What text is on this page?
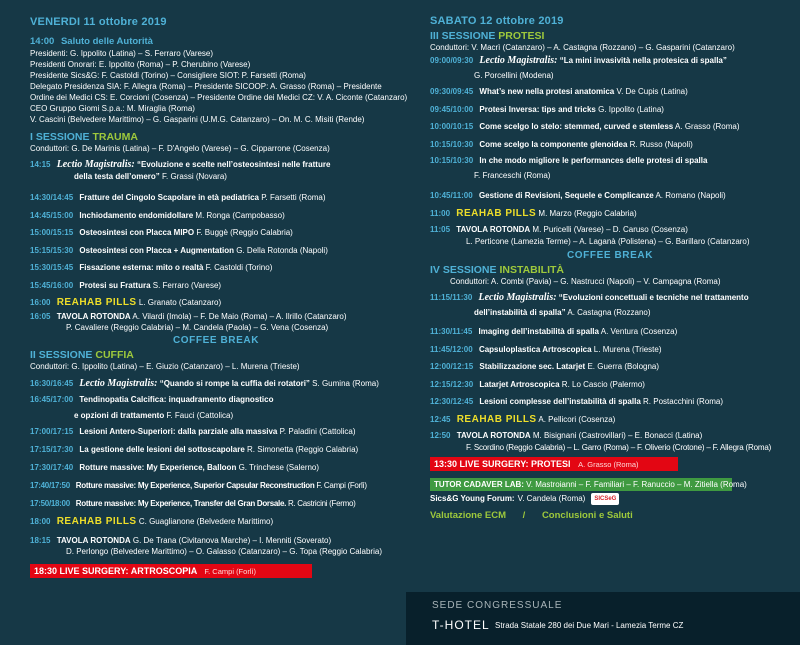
VENERDI 11 ottobre 2019
14:00 Saluto delle Autorità
Presidenti: G. Ippolito (Latina) – S. Ferraro (Varese)
Presidenti Onorari: E. Ippolito (Roma) – P. Cherubino (Varese)
Presidente Sics&G: F. Castoldi (Torino) – Consigliere SIOT: P. Farsetti (Roma)
Delegato Presidenza SIA: F. Allegra (Roma) – Presidente SICOOP: A. Grasso (Roma) – Presidente
Ordine dei Medici CS: E. Corcioni (Cosenza) – Presidente Ordine dei Medici CZ: V. A. Ciconte (Catanzaro)
CEO Gruppo Giomi S.p.a.: M. Miraglia (Roma)
V. Cascini (Belvedere Marittimo) – G. Gasparini (U.M.G. Catanzaro) – On. M. C. Misiti (Rende)
I SESSIONE TRAUMA
Conduttori: G. De Marinis (Latina) – F. D'Angelo (Varese) – G. Cipparrone (Cosenza)
14:15 Lectio Magistralis: “Evoluzione e scelte nell’osteosintesi nelle fratture
della testa dell’omero” F. Grassi (Novara)
14:30/14:45 Fratture del Cingolo Scapolare in età pediatrica P. Farsetti (Roma)
14:45/15:00 Inchiodamento endomidollare M. Ronga (Campobasso)
15:00/15:15 Osteosintesi con Placca MIPO F. Buggè (Reggio Calabria)
15:15/15:30 Osteosintesi con Placca + Augmentation G. Della Rotonda (Napoli)
15:30/15:45 Fissazione esterna: mito o realtà F. Castoldi (Torino)
15:45/16:00 Protesi su Frattura S. Ferraro (Varese)
16:00 REAHAB PILLS L. Granato (Catanzaro)
16:05 TAVOLA ROTONDA A. Vilardi (Imola) – F. De Maio (Roma) – A. Ilrillo (Catanzaro)
P. Cavaliere (Reggio Calabria) – M. Candela (Paola) – G. Vena (Cosenza)
COFFEE BREAK
II SESSIONE CUFFIA
Conduttori: G. Ippolito (Latina) – E. Giuzio (Catanzaro) – L. Murena (Trieste)
16:30/16:45 Lectio Magistralis: “Quando si rompe la cuffia dei rotatori” S. Gumina (Roma)
16:45/17:00 Tendinopatia Calcifica: inquadramento diagnostico
e opzioni di trattamento F. Fauci (Cattolica)
17:00/17:15 Lesioni Antero-Superiori: dalla parziale alla massiva P. Paladini (Cattolica)
17:15/17:30 La gestione delle lesioni del sottoscapolare R. Simonetta (Reggio Calabria)
17:30/17:40 Rotture massive: My Experience, Balloon G. Trinchese (Salerno)
17:40/17:50 Rotture massive: My Experience, Superior Capsular Reconstruction F. Campi (Forlì)
17:50/18:00 Rotture massive: My Experience, Transfer del Gran Dorsale. R. Castricini (Fermo)
18:00 REAHAB PILLS C. Guaglianone (Belvedere Marittimo)
18:15 TAVOLA ROTONDA G. De Trana (Civitanova Marche) – I. Menniti (Soverato)
D. Perlongo (Belvedere Marittimo) – O. Galasso (Catanzaro) – G. Topa (Reggio Calabria)
18:30 LIVE SURGERY: ARTROSCOPIA F. Campi (Forlì)
SABATO 12 ottobre 2019
III SESSIONE PROTESI
Conduttori: V. Macrì (Catanzaro) – A. Castagna (Rozzano) – G. Gasparini (Catanzaro)
09:00/09:30 Lectio Magistralis: “La mini invasività nella protesica di spalla”
G. Porcellini (Modena)
09:30/09:45 What’s new nella protesi anatomica V. De Cupis (Latina)
09:45/10:00 Protesi Inversa: tips and tricks G. Ippolito (Latina)
10:00/10:15 Come scelgo lo stelo: stemmed, curved e stemless A. Grasso (Roma)
10:15/10:30 Come scelgo la componente glenoidea R. Russo (Napoli)
10:15/10:30 In che modo migliore le performances delle protesi di spalla
F. Franceschi (Roma)
10:45/11:00 Gestione di Revisioni, Sequele e Complicanze A. Romano (Napoli)
11:00 REAHAB PILLS M. Marzo (Reggio Calabria)
11:05 TAVOLA ROTONDA M. Puricelli (Varese) – D. Caruso (Cosenza)
L. Perticone (Lamezia Terme) – A. Laganà (Polistena) – G. Barillaro (Catanzaro)
COFFEE BREAK
IV SESSIONE INSTABILITÀ
Conduttori: A. Combi (Pavia) – G. Nastrucci (Napoli) – V. Campagna (Roma)
11:15/11:30 Lectio Magistralis: “Evoluzioni concettuali e tecniche nel trattamento
dell’instabilità di spalla” A. Castagna (Rozzano)
11:30/11:45 Imaging dell’instabilità di spalla A. Ventura (Cosenza)
11:45/12:00 Capsuloplastica Artroscopica L. Murena (Trieste)
12:00/12:15 Stabilizzazione sec. Latarjet E. Guerra (Bologna)
12:15/12:30 Latarjet Artroscopica R. Lo Cascio (Palermo)
12:30/12:45 Lesioni complesse dell’instabilità di spalla R. Postacchini (Roma)
12:45 REAHAB PILLS A. Pellicori (Cosenza)
12:50 TAVOLA ROTONDA M. Bisignani (Castrovillari) – E. Bonacci (Latina)
F. Scordino (Reggio Calabria) – L. Garro (Roma) – F. Oliverio (Crotone) – F. Allegra (Roma)
13:30 LIVE SURGERY: PROTESI A. Grasso (Roma)
TUTOR CADAVER LAB: V. Mastroianni – F. Familiari – F. Ranuccio – M. Zitiella (Roma)
Sics&G Young Forum: V. Candela (Roma)	SICSeG
Valutazione ECM / Conclusioni e Saluti
SEDE CONGRESSUALE
T-HOTEL Strada Statale 280 dei Due Mari - Lamezia Terme CZ
